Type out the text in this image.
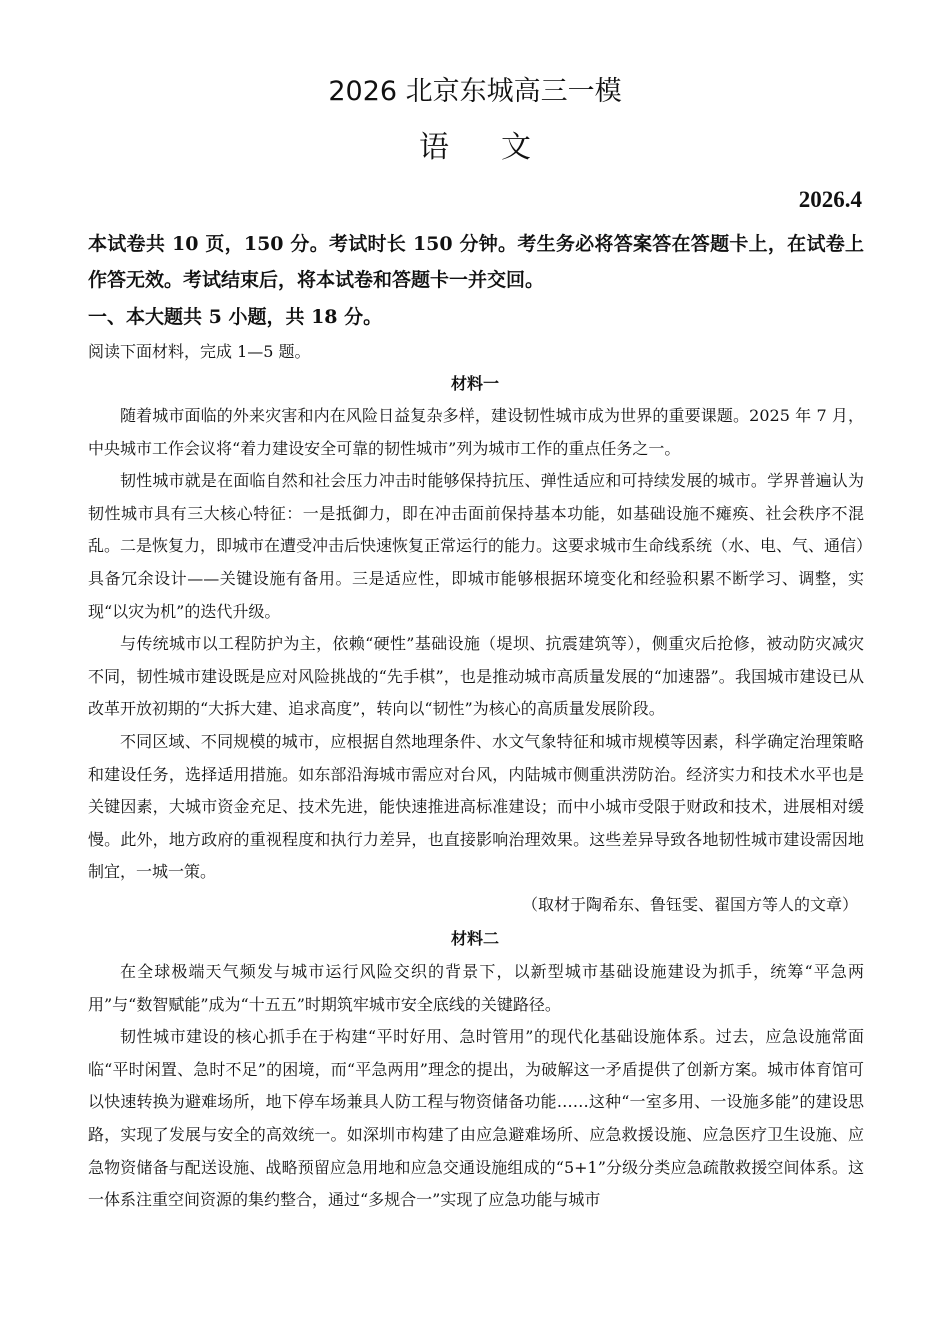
2026 北京东城高三一模
语文
2026.4

本试卷共 10 页，150 分。考试时长 150 分钟。考生务必将答案答在答题卡上，在试卷上作答无效。考试结束后，将本试卷和答题卡一并交回。

一、本大题共 5 小题，共 18 分。

阅读下面材料，完成 1—5 题。

材料一

随着城市面临的外来灾害和内在风险日益复杂多样，建设韧性城市成为世界的重要课题。2025 年 7 月，中央城市工作会议将“着力建设安全可靠的韧性城市”列为城市工作的重点任务之一。

韧性城市就是在面临自然和社会压力冲击时能够保持抗压、弹性适应和可持续发展的城市。学界普遍认为韧性城市具有三大核心特征：一是抵御力，即在冲击面前保持基本功能，如基础设施不瘫痪、社会秩序不混乱。二是恢复力，即城市在遭受冲击后快速恢复正常运行的能力。这要求城市生命线系统（水、电、气、通信）具备冗余设计——关键设施有备用。三是适应性，即城市能够根据环境变化和经验积累不断学习、调整，实现“以灾为机”的迭代升级。

与传统城市以工程防护为主，依赖“硬性”基础设施（堤坝、抗震建筑等），侧重灾后抢修，被动防灾减灾不同，韧性城市建设既是应对风险挑战的“先手棋”，也是推动城市高质量发展的“加速器”。我国城市建设已从改革开放初期的“大拆大建、追求高度”，转向以“韧性”为核心的高质量发展阶段。

不同区域、不同规模的城市，应根据自然地理条件、水文气象特征和城市规模等因素，科学确定治理策略和建设任务，选择适用措施。如东部沿海城市需应对台风，内陆城市侧重洪涝防治。经济实力和技术水平也是关键因素，大城市资金充足、技术先进，能快速推进高标准建设；而中小城市受限于财政和技术，进展相对缓慢。此外，地方政府的重视程度和执行力差异，也直接影响治理效果。这些差异导致各地韧性城市建设需因地制宜，一城一策。

（取材于陶希东、鲁钰雯、翟国方等人的文章）

材料二

在全球极端天气频发与城市运行风险交织的背景下，以新型城市基础设施建设为抓手，统筹“平急两用”与“数智赋能”成为“十五五”时期筑牢城市安全底线的关键路径。

韧性城市建设的核心抓手在于构建“平时好用、急时管用”的现代化基础设施体系。过去，应急设施常面临“平时闲置、急时不足”的困境，而“平急两用”理念的提出，为破解这一矛盾提供了创新方案。城市体育馆可以快速转换为避难场所，地下停车场兼具人防工程与物资储备功能……这种“一室多用、一设施多能”的建设思路，实现了发展与安全的高效统一。如深圳市构建了由应急避难场所、应急救援设施、应急医疗卫生设施、应急物资储备与配送设施、战略预留应急用地和应急交通设施组成的“5+1”分级分类应急疏散救援空间体系。这一体系注重空间资源的集约整合，通过“多规合一”实现了应急功能与城市
